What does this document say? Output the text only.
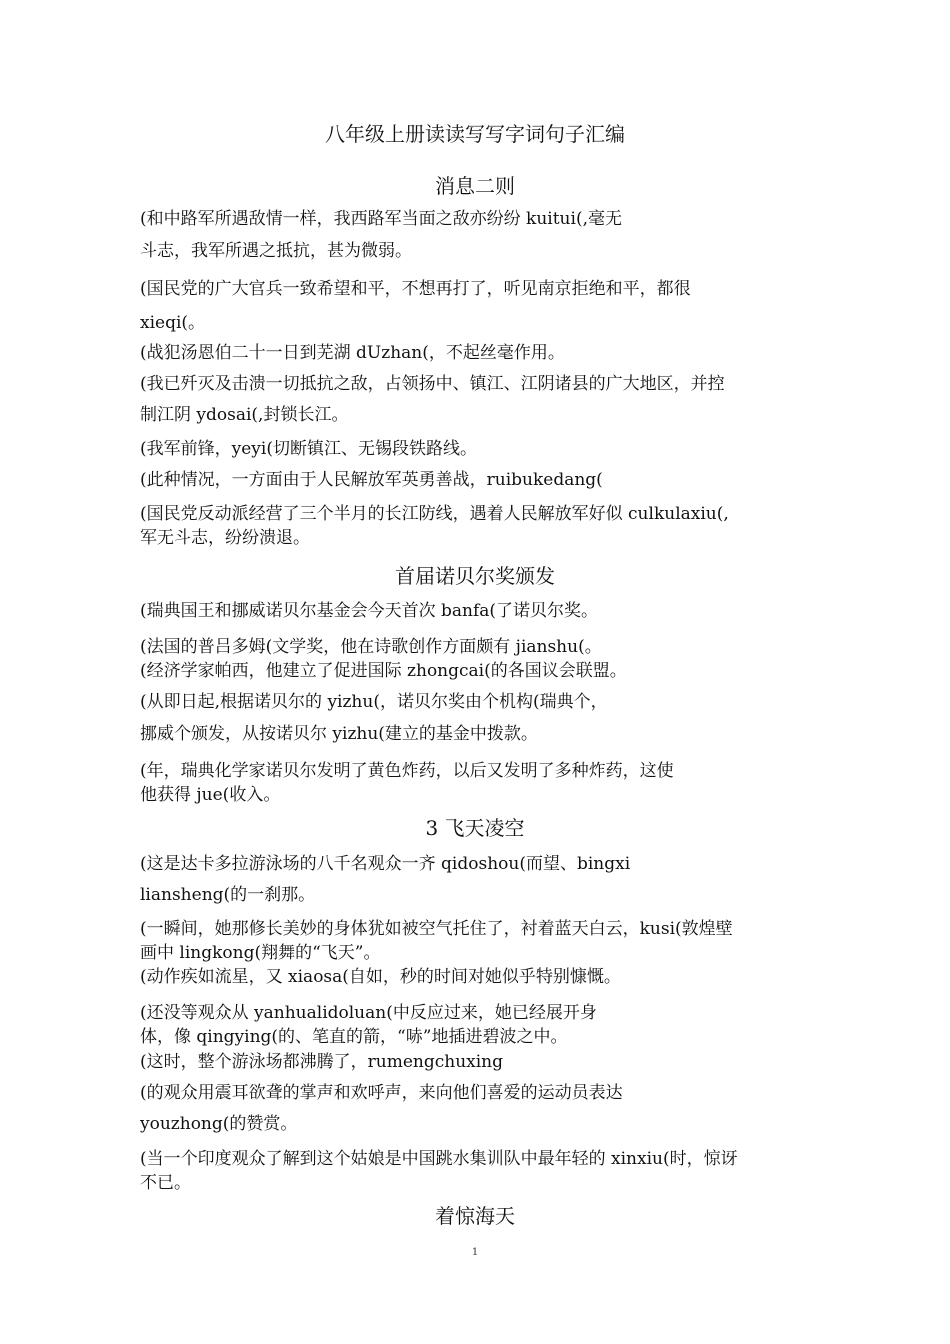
八年级上册读读写写字词句子汇编
消息二则
(和中路军所遇敌情一样，我西路军当面之敌亦纷纷 kuitui(,毫无
斗志，我军所遇之抵抗，甚为微弱。
(国民党的广大官兵一致希望和平，不想再打了，听见南京拒绝和平，都很
xieqi(。
(战犯汤恩伯二十一日到芜湖 dUzhan(，不起丝毫作用。
(我已歼灭及击溃一切抵抗之敌，占领扬中、镇江、江阴诸县的广大地区，并控
制江阴 ydosai(,封锁长江。
(我军前锋，yeyi(切断镇江、无锡段铁路线。
(此种情况，一方面由于人民解放军英勇善战，ruibukedang(
(国民党反动派经营了三个半月的长江防线，遇着人民解放军好似 culkulaxiu(,
军无斗志，纷纷溃退。
首届诺贝尔奖颁发
(瑞典国王和挪威诺贝尔基金会今天首次 banfa(了诺贝尔奖。
(法国的普吕多姆(文学奖，他在诗歌创作方面颇有 jianshu(。
(经济学家帕西，他建立了促进国际 zhongcai(的各国议会联盟。
(从即日起,根据诺贝尔的 yizhu(，诺贝尔奖由个机构(瑞典个，
挪威个颁发，从按诺贝尔 yizhu(建立的基金中拨款。
(年，瑞典化学家诺贝尔发明了黄色炸药，以后又发明了多种炸药，这使
他获得 jue(收入。
3 飞天凌空
(这是达卡多拉游泳场的八千名观众一齐 qidoshou(而望、bingxi
liansheng(的一刹那。
(一瞬间，她那修长美妙的身体犹如被空气托住了，衬着蓝天白云，kusi(敦煌壁
画中 lingkong(翔舞的“飞天”。
(动作疾如流星，又 xiaosa(自如，秒的时间对她似乎特别慷慨。
(还没等观众从 yanhualidoluan(中反应过来，她已经展开身
体，像 qingying(的、笔直的箭，“哧”地插进碧波之中。
(这时，整个游泳场都沸腾了，rumengchuxing
(的观众用震耳欲聋的掌声和欢呼声，来向他们喜爱的运动员表达
youzhong(的赞赏。
(当一个印度观众了解到这个姑娘是中国跳水集训队中最年轻的 xinxiu(时，惊讶
不已。
着惊海天
1
